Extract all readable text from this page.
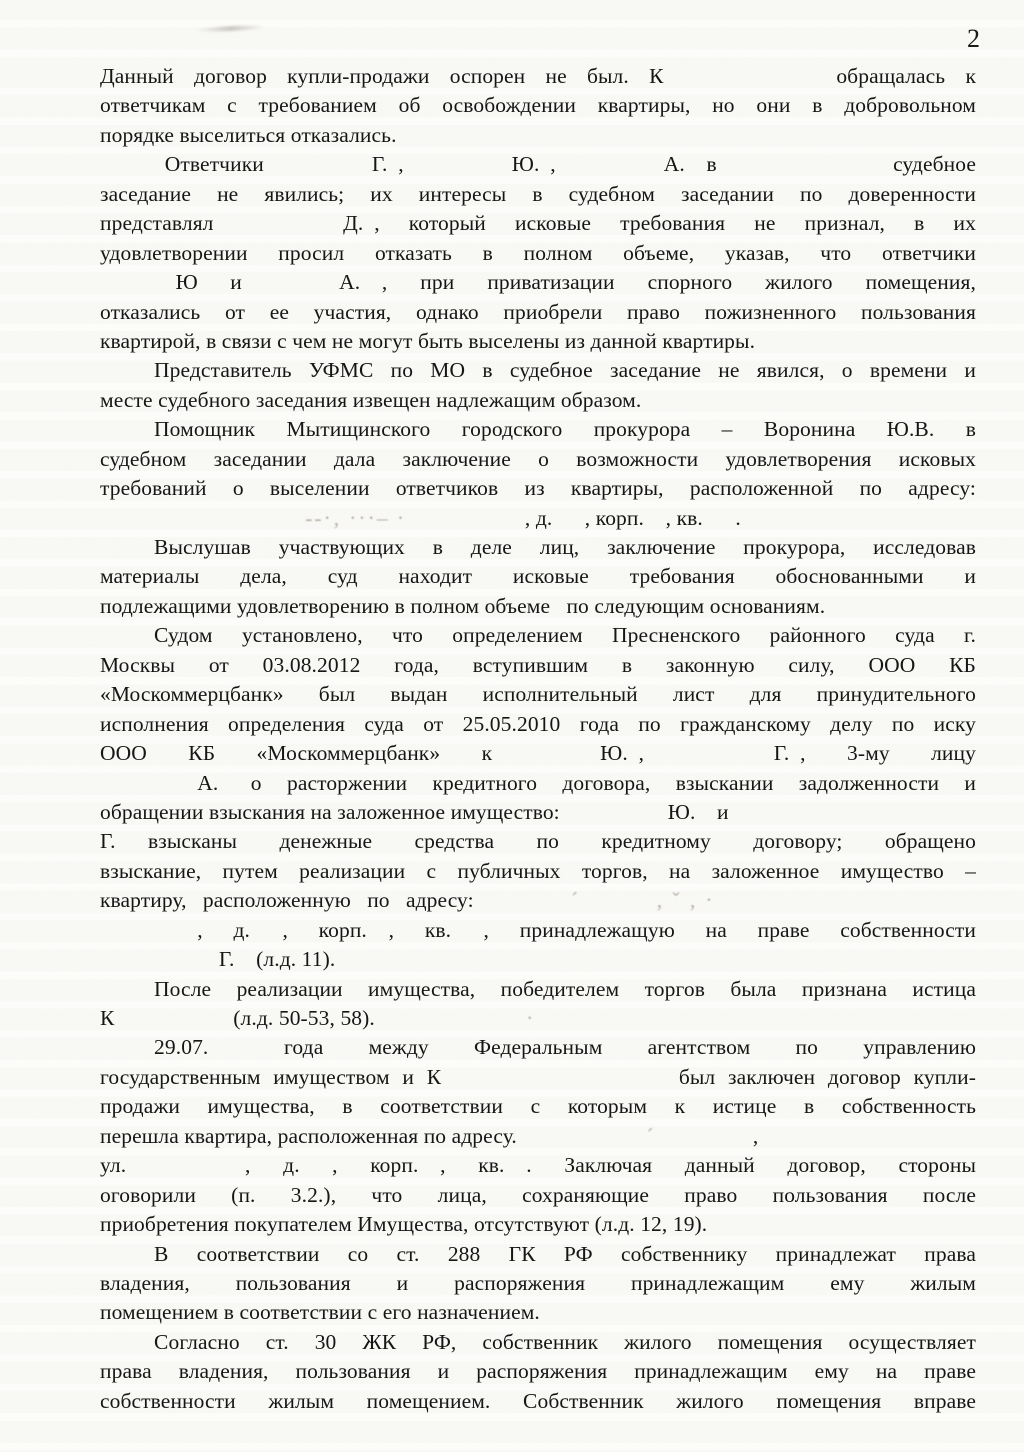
2
Данный договор купли-продажи оспорен не был. К        обращалась к
ответчикам с требованием об освобождении квартиры, но они в добровольном
порядке выселиться отказались.
   Ответчики     Г. ,     Ю. ,     А. в судебное
заседание не явились; их интересы в судебном заседании по доверенности
представлял      Д. , который исковые требования не признал, в их
удовлетворении просил отказать в полном объеме, указав, что ответчики
    Ю  и     А. , при приватизации спорного жилого помещения,
отказались от ее участия, однако приобрели право пожизненного пользования
квартирой, в связи с чем не могут быть выселены из данной квартиры.
   Представитель УФМС по МО в судебное заседание не явился, о времени и
месте судебного заседания извещен надлежащим образом.
   Помощник Мытищинского городского прокурора – Воронина Ю.В. в
судебном заседании дала заключение о возможности удовлетворения исковых
требований о выселении ответчиков из квартиры, расположенной по адресу:
          --·‚ ···– ·      , д.  , корп.  , кв.  .
   Выслушав участвующих в деле лиц, заключение прокурора, исследовав
материалы дела, суд находит исковые требования обоснованными и
подлежащими удовлетворению в полном объеме  по следующим основаниям.
   Судом установлено, что определением Пресненского районного суда г.
Москвы от 03.08.2012 года, вступившим в законную силу, ООО КБ
«Москоммерцбанк» был выдан исполнительный лист для принудительного
исполнения определения суда от 25.05.2010 года по гражданскому делу по иску
ООО КБ «Москоммерцбанк» к     Ю. ,      Г. , 3-му лицу
     А.  о расторжении кредитного договора, взыскании задолженности и
обращении взыскания на заложенное имущество:     Ю. и
Г.  взысканы денежные средства по кредитному договору; обращено
взыскание, путем реализации с публичных торгов, на заложенное имущество –
квартиру,  расположенную  по  адресу:     ´    	‚ ˇ ‚ ·
     , д.  , корп.  , кв.  , принадлежащую на праве собственности
      Г.  (л.д. 11).
   После реализации имущества, победителем торгов была признана истица
К      (л.д. 50-53, 58).       ·
   29.07.    года между Федеральным агентством по управлению
государственным имуществом и К           был заключен договор купли-
продажи имущества, в соответствии с которым к истице в собственность
перешла квартира, расположенная по адресу.      ´     ,
ул.      , д.  , корп.  , кв.  . Заключая данный договор, стороны
оговорили (п. 3.2.), что лица, сохраняющие право пользования после
приобретения покупателем Имущества, отсутствуют (л.д. 12, 19).
   В соответствии со ст. 288 ГК РФ собственнику принадлежат права
владения, пользования и распоряжения принадлежащим ему жилым
помещением в соответствии с его назначением.
   Согласно ст. 30 ЖК РФ, собственник жилого помещения осуществляет
права владения, пользования и распоряжения принадлежащим ему на праве
собственности жилым помещением. Собственник жилого помещения вправе
